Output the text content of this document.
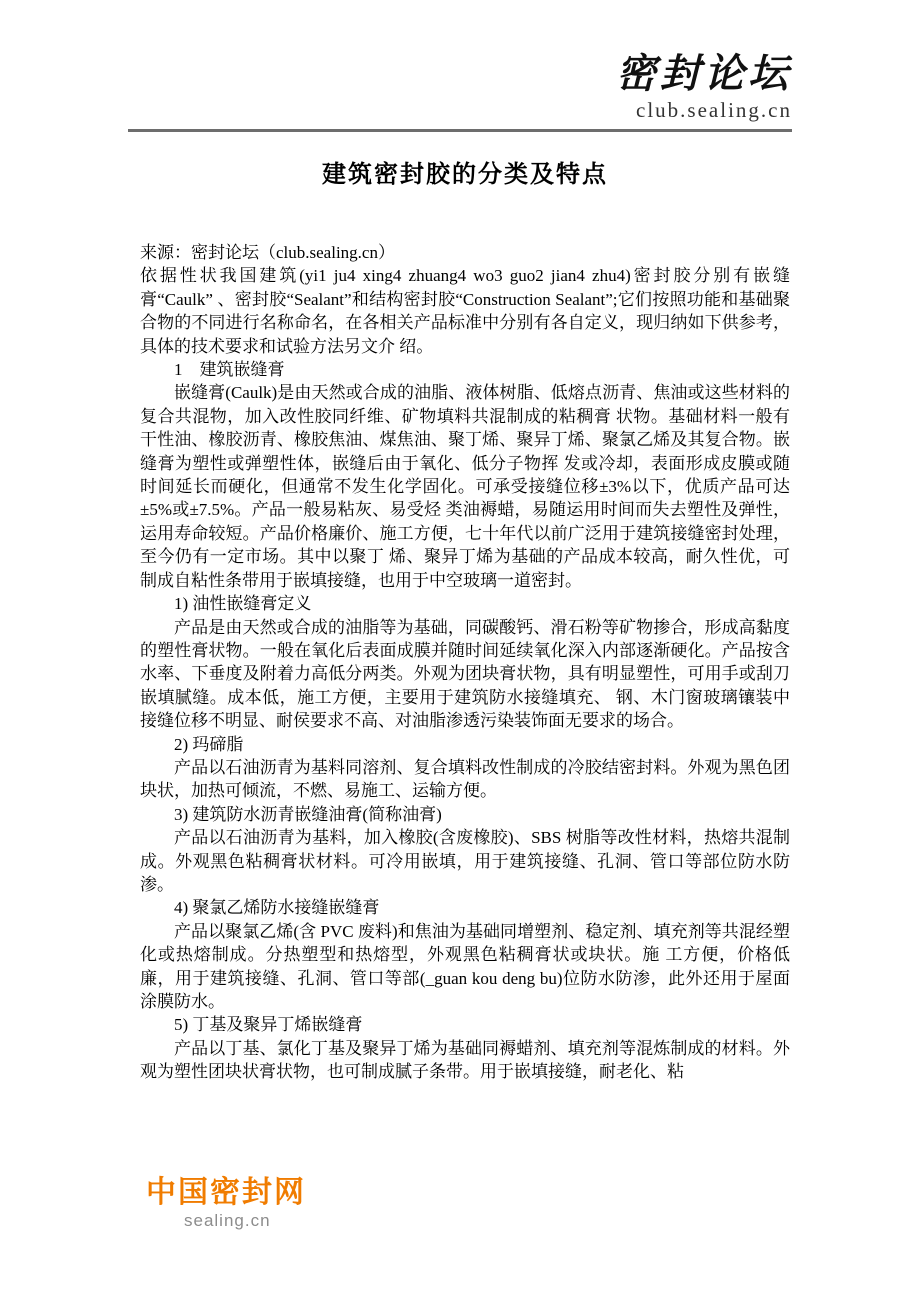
密封论坛
club.sealing.cn
建筑密封胶的分类及特点

来源：密封论坛（club.sealing.cn）

依据性状我国建筑(yi1 ju4 xing4 zhuang4 wo3 guo2 jian4 zhu4)密封胶分别有嵌缝膏“Caulk” 、密封胶“Sealant”和结构密封胶“Construction Sealant”;它们按照功能和基础聚合物的不同进行名称命名，在各相关产品标准中分别有各自定义，现归纳如下供参考，具体的技术要求和试验方法另文介 绍。

1　建筑嵌缝膏

嵌缝膏(Caulk)是由天然或合成的油脂、液体树脂、低熔点沥青、焦油或这些材料的复合共混物，加入改性胶同纤维、矿物填料共混制成的粘稠膏 状物。基础材料一般有干性油、橡胶沥青、橡胶焦油、煤焦油、聚丁烯、聚异丁烯、聚氯乙烯及其复合物。嵌缝膏为塑性或弹塑性体，嵌缝后由于氧化、低分子物挥 发或冷却，表面形成皮膜或随时间延长而硬化，但通常不发生化学固化。可承受接缝位移±3%以下，优质产品可达±5%或±7.5%。产品一般易粘灰、易受烃 类油褥蜡，易随运用时间而失去塑性及弹性，运用寿命较短。产品价格廉价、施工方便，七十年代以前广泛用于建筑接缝密封处理，至今仍有一定市场。其中以聚丁 烯、聚异丁烯为基础的产品成本较高，耐久性优，可制成自粘性条带用于嵌填接缝，也用于中空玻璃一道密封。

1) 油性嵌缝膏定义

产品是由天然或合成的油脂等为基础，同碳酸钙、滑石粉等矿物掺合，形成高黏度的塑性膏状物。一般在氧化后表面成膜并随时间延续氧化深入内部逐渐硬化。产品按含水率、下垂度及附着力高低分两类。外观为团块膏状物，具有明显塑性，可用手或刮刀嵌填腻缝。成本低，施工方便，主要用于建筑防水接缝填充、 钢、木门窗玻璃镶装中接缝位移不明显、耐侯要求不高、对油脂渗透污染装饰面无要求的场合。

2) 玛碲脂

产品以石油沥青为基料同溶剂、复合填料改性制成的冷胶结密封料。外观为黑色团块状，加热可倾流，不燃、易施工、运输方便。

3) 建筑防水沥青嵌缝油膏(简称油膏)

产品以石油沥青为基料，加入橡胶(含废橡胶)、SBS 树脂等改性材料，热熔共混制成。外观黑色粘稠膏状材料。可冷用嵌填，用于建筑接缝、孔洞、管口等部位防水防渗。

4) 聚氯乙烯防水接缝嵌缝膏

产品以聚氯乙烯(含 PVC 废料)和焦油为基础同增塑剂、稳定剂、填充剂等共混经塑化或热熔制成。分热塑型和热熔型，外观黑色粘稠膏状或块状。施 工方便，价格低廉，用于建筑接缝、孔洞、管口等部(_guan kou deng bu)位防水防渗，此外还用于屋面涂膜防水。

5) 丁基及聚异丁烯嵌缝膏

产品以丁基、氯化丁基及聚异丁烯为基础同褥蜡剂、填充剂等混炼制成的材料。外观为塑性团块状膏状物，也可制成腻子条带。用于嵌填接缝，耐老化、粘

中国密封网
sealing.cn
